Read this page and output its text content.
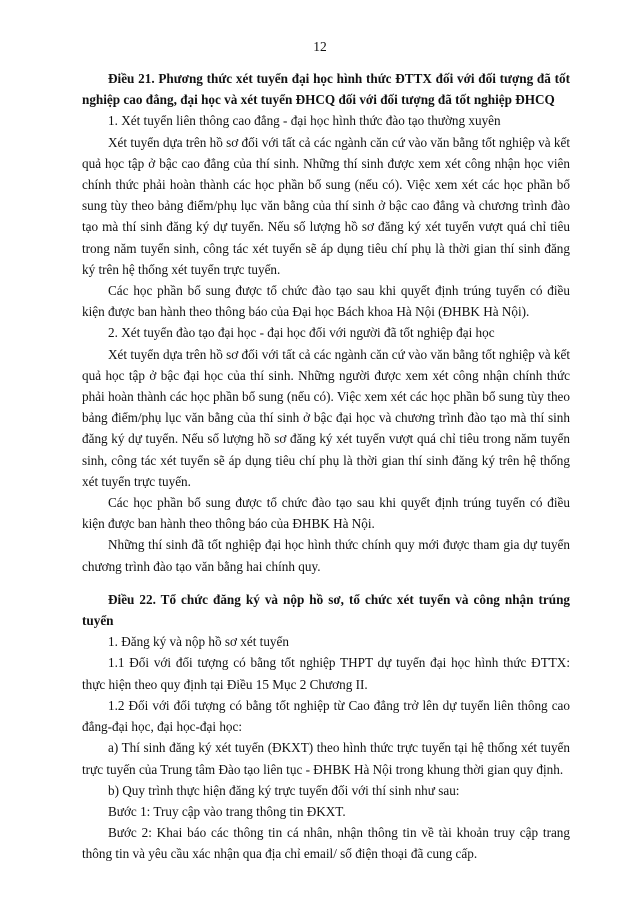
12

Điều 21. Phương thức xét tuyển đại học hình thức ĐTTX đối với đối tượng đã tốt nghiệp cao đẳng, đại học và xét tuyển ĐHCQ đối với đối tượng đã tốt nghiệp ĐHCQ

1. Xét tuyển liên thông cao đẳng - đại học hình thức đào tạo thường xuyên

Xét tuyển dựa trên hồ sơ đối với tất cả các ngành căn cứ vào văn bằng tốt nghiệp và kết quả học tập ở bậc cao đẳng của thí sinh. Những thí sinh được xem xét công nhận học viên chính thức phải hoàn thành các học phần bổ sung (nếu có). Việc xem xét các học phần bổ sung tùy theo bảng điểm/phụ lục văn bằng của thí sinh ở bậc cao đẳng và chương trình đào tạo mà thí sinh đăng ký dự tuyển. Nếu số lượng hồ sơ đăng ký xét tuyển vượt quá chỉ tiêu trong năm tuyển sinh, công tác xét tuyển sẽ áp dụng tiêu chí phụ là thời gian thí sinh đăng ký trên hệ thống xét tuyển trực tuyến.

Các học phần bổ sung được tổ chức đào tạo sau khi quyết định trúng tuyển có điều kiện được ban hành theo thông báo của Đại học Bách khoa Hà Nội (ĐHBK Hà Nội).

2. Xét tuyển đào tạo đại học - đại học đối với người đã tốt nghiệp đại học

Xét tuyển dựa trên hồ sơ đối với tất cả các ngành căn cứ vào văn bằng tốt nghiệp và kết quả học tập ở bậc đại học của thí sinh. Những người được xem xét công nhận chính thức phải hoàn thành các học phần bổ sung (nếu có). Việc xem xét các học phần bổ sung tùy theo bảng điểm/phụ lục văn bằng của thí sinh ở bậc đại học và chương trình đào tạo mà thí sinh đăng ký dự tuyển. Nếu số lượng hồ sơ đăng ký xét tuyển vượt quá chỉ tiêu trong năm tuyển sinh, công tác xét tuyển sẽ áp dụng tiêu chí phụ là thời gian thí sinh đăng ký trên hệ thống xét tuyển trực tuyến.

Các học phần bổ sung được tổ chức đào tạo sau khi quyết định trúng tuyển có điều kiện được ban hành theo thông báo của ĐHBK Hà Nội.

Những thí sinh đã tốt nghiệp đại học hình thức chính quy mới được tham gia dự tuyển chương trình đào tạo văn bằng hai chính quy.

Điều 22. Tổ chức đăng ký và nộp hồ sơ, tổ chức xét tuyển và công nhận trúng tuyển

1. Đăng ký và nộp hồ sơ xét tuyển

1.1 Đối với đối tượng có bằng tốt nghiệp THPT dự tuyển đại học hình thức ĐTTX: thực hiện theo quy định tại Điều 15 Mục 2 Chương II.

1.2 Đối với đối tượng có bằng tốt nghiệp từ Cao đẳng trở lên dự tuyển liên thông cao đẳng-đại học, đại học-đại học:

a) Thí sinh đăng ký xét tuyển (ĐKXT) theo hình thức trực tuyến tại hệ thống xét tuyển trực tuyến của Trung tâm Đào tạo liên tục - ĐHBK Hà Nội trong khung thời gian quy định.

b) Quy trình thực hiện đăng ký trực tuyến đối với thí sinh như sau:

Bước 1: Truy cập vào trang thông tin ĐKXT.

Bước 2: Khai báo các thông tin cá nhân, nhận thông tin về tài khoản truy cập trang thông tin và yêu cầu xác nhận qua địa chỉ email/ số điện thoại đã cung cấp.
